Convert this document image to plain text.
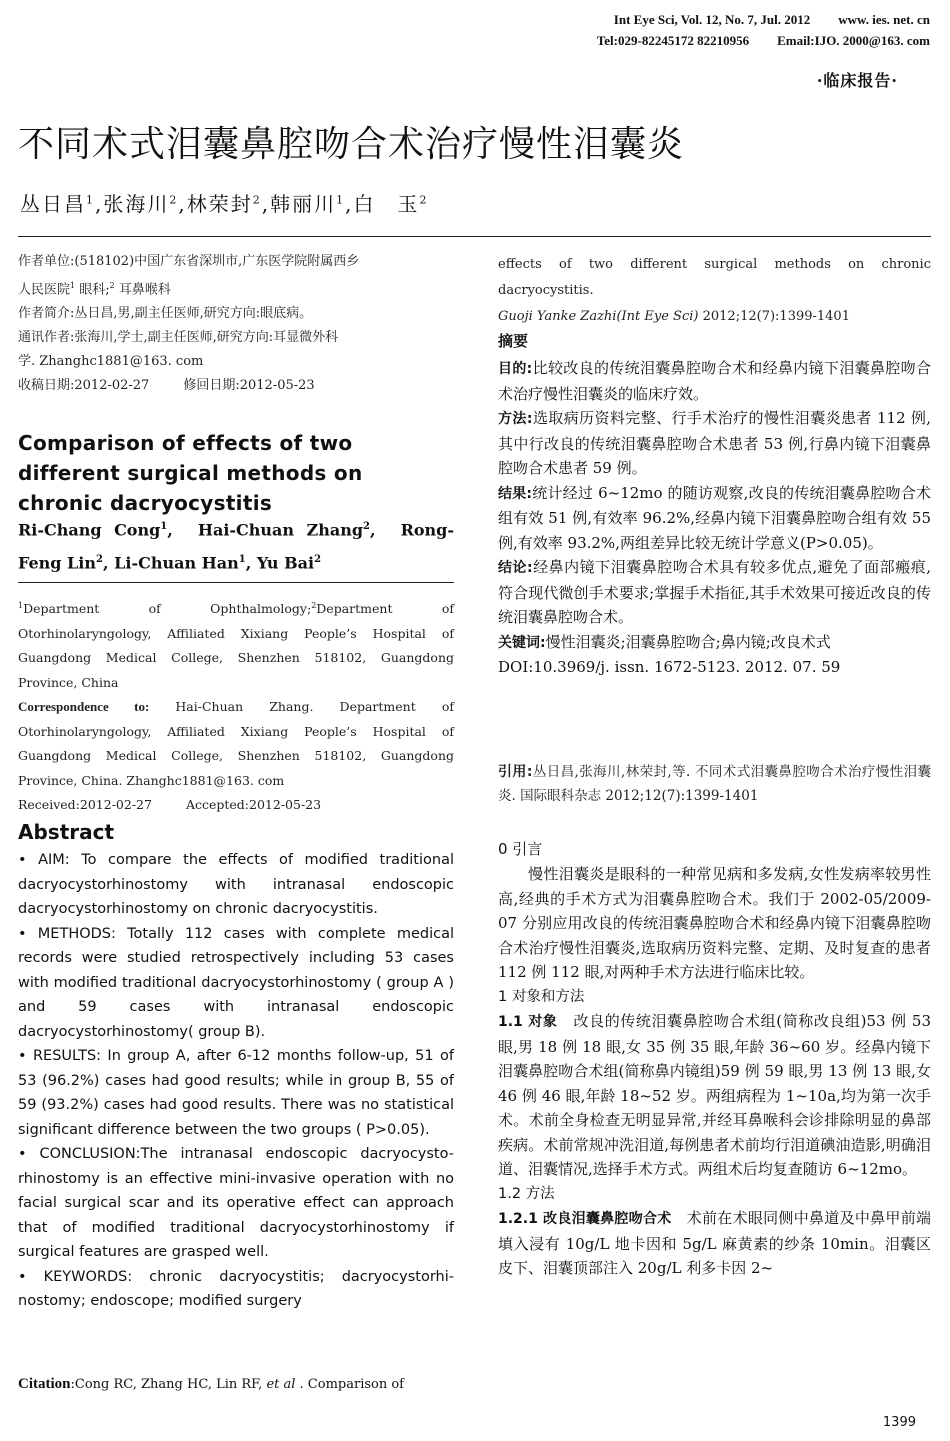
Int Eye Sci, Vol. 12, No. 7, Jul. 2012 www. ies. net. cn
Tel:029-82245172 82210956 Email:IJO. 2000@163. com
·临床报告·
不同术式泪囊鼻腔吻合术治疗慢性泪囊炎
丛日昌$^1$,张海川$^2$,林荣封$^2$,韩丽川$^1$,白　玉$^2$

作者单位:(518102)中国广东省深圳市,广东医学院附属西乡

人民医院$^1$ 眼科;$^2$ 耳鼻喉科

作者简介:丛日昌,男,副主任医师,研究方向:眼底病。

通讯作者:张海川,学士,副主任医师,研究方向:耳显微外科

学. Zhanghc1881@163. com

收稿日期:2012-02-27	修回日期:2012-05-23

Comparison of effects of two different surgical methods on chronic dacryocystitis
Ri-Chang Cong$^1$,  Hai-Chuan Zhang$^2$,  Rong-Feng Lin$^2$, Li-Chuan Han$^1$, Yu Bai$^2$

$^1$Department of Ophthalmology;$^2$Department of Otorhinolaryngology, Affiliated Xixiang People’s Hospital of Guangdong Medical College, Shenzhen 518102, Guangdong Province, China

Correspondence to: Hai-Chuan Zhang. Department of Otorhinolaryngology, Affiliated Xixiang People’s Hospital of Guangdong Medical College, Shenzhen 518102, Guangdong Province, China. Zhanghc1881@163. com

Received:2012-02-27	Accepted:2012-05-23

Abstract

• AIM: To compare the effects of modified traditional dacryocystorhinostomy with intranasal endoscopic dacryocystorhinostomy on chronic dacryocystitis.

• METHODS: Totally 112 cases with complete medical records were studied retrospectively including 53 cases with modified traditional dacryocystorhinostomy ( group A ) and 59 cases with intranasal endoscopic dacryocystorhinostomy( group B).

• RESULTS: In group A, after 6-12 months follow-up, 51 of 53 (96.2%) cases had good results; while in group B, 55 of 59 (93.2%) cases had good results. There was no statistical significant difference between the two groups ( P>0.05).

• CONCLUSION:The intranasal endoscopic dacryocysto-rhinostomy is an effective mini-invasive operation with no facial surgical scar and its operative effect can approach that of modified traditional dacryocystorhinostomy if surgical features are grasped well.

• KEYWORDS: chronic dacryocystitis; dacryocystorhi-nostomy; endoscope; modified surgery

Citation:Cong RC, Zhang HC, Lin RF, et al . Comparison of

effects of two different surgical methods on chronic dacryocystitis.

Guoji Yanke Zazhi(Int Eye Sci) 2012;12(7):1399-1401

摘要

目的:比较改良的传统泪囊鼻腔吻合术和经鼻内镜下泪囊鼻腔吻合术治疗慢性泪囊炎的临床疗效。

方法:选取病历资料完整、行手术治疗的慢性泪囊炎患者 112 例,其中行改良的传统泪囊鼻腔吻合术患者 53 例,行鼻内镜下泪囊鼻腔吻合术患者 59 例。

结果:统计经过 6~12mo 的随访观察,改良的传统泪囊鼻腔吻合术组有效 51 例,有效率 96.2%,经鼻内镜下泪囊鼻腔吻合组有效 55 例,有效率 93.2%,两组差异比较无统计学意义(P>0.05)。

结论:经鼻内镜下泪囊鼻腔吻合术具有较多优点,避免了面部瘢痕,符合现代微创手术要求;掌握手术指征,其手术效果可接近改良的传统泪囊鼻腔吻合术。

关键词:慢性泪囊炎;泪囊鼻腔吻合;鼻内镜;改良术式

DOI:10.3969/j. issn. 1672-5123. 2012. 07. 59

引用:丛日昌,张海川,林荣封,等. 不同术式泪囊鼻腔吻合术治疗慢性泪囊炎. 国际眼科杂志 2012;12(7):1399-1401

0 引言

慢性泪囊炎是眼科的一种常见病和多发病,女性发病率较男性高,经典的手术方式为泪囊鼻腔吻合术。我们于 2002-05/2009-07 分别应用改良的传统泪囊鼻腔吻合术和经鼻内镜下泪囊鼻腔吻合术治疗慢性泪囊炎,选取病历资料完整、定期、及时复查的患者 112 例 112 眼,对两种手术方法进行临床比较。

1 对象和方法

1.1 对象 改良的传统泪囊鼻腔吻合术组(简称改良组)53 例 53 眼,男 18 例 18 眼,女 35 例 35 眼,年龄 36~60 岁。经鼻内镜下泪囊鼻腔吻合术组(简称鼻内镜组)59 例 59 眼,男 13 例 13 眼,女 46 例 46 眼,年龄 18~52 岁。两组病程为 1~10a,均为第一次手术。术前全身检查无明显异常,并经耳鼻喉科会诊排除明显的鼻部疾病。术前常规冲洗泪道,每例患者术前均行泪道碘油造影,明确泪道、泪囊情况,选择手术方式。两组术后均复查随访 6~12mo。

1.2 方法

1.2.1 改良泪囊鼻腔吻合术 术前在术眼同侧中鼻道及中鼻甲前端填入浸有 10g/L 地卡因和 5g/L 麻黄素的纱条 10min。泪囊区皮下、泪囊顶部注入 20g/L 利多卡因 2~

1399
